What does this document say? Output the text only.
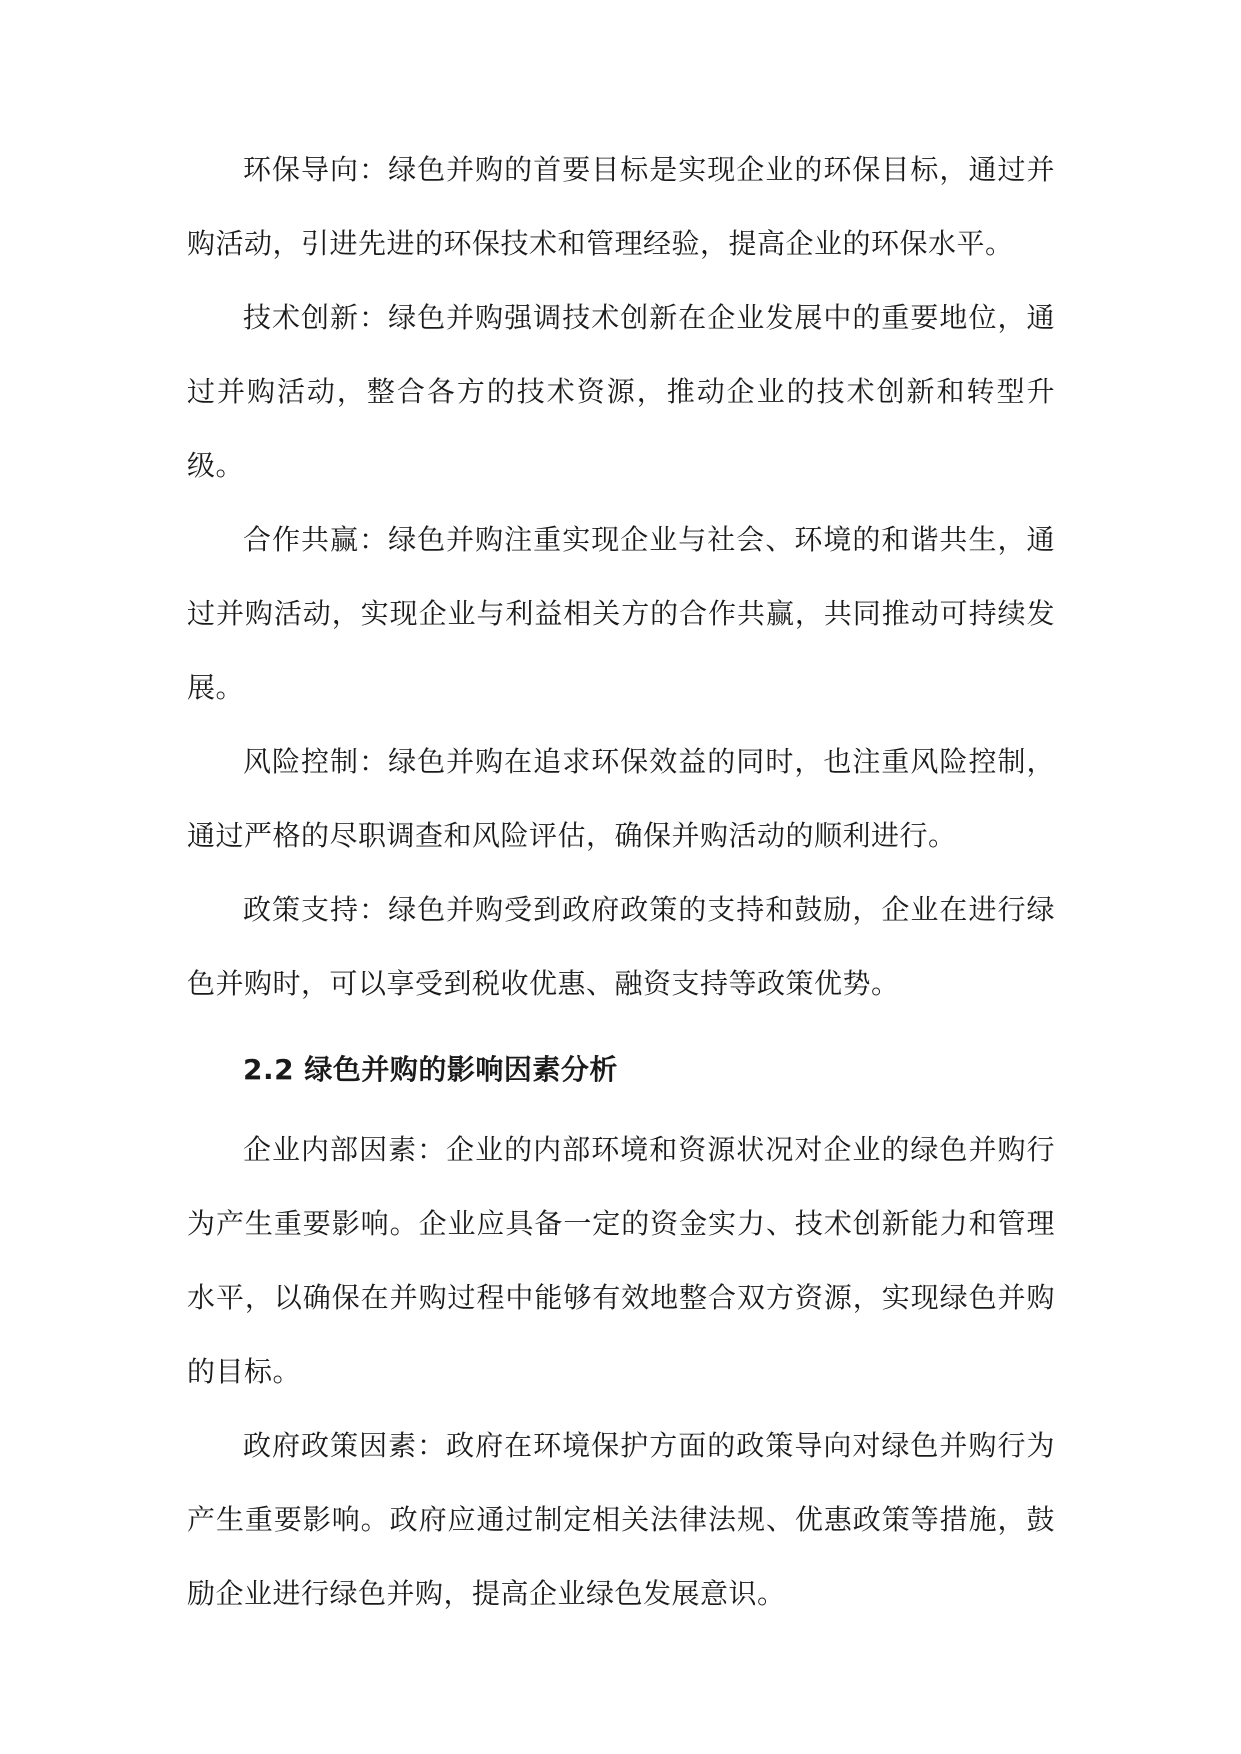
环保导向：绿色并购的首要目标是实现企业的环保目标，通过并购活动，引进先进的环保技术和管理经验，提高企业的环保水平。

技术创新：绿色并购强调技术创新在企业发展中的重要地位，通过并购活动，整合各方的技术资源，推动企业的技术创新和转型升级。

合作共赢：绿色并购注重实现企业与社会、环境的和谐共生，通过并购活动，实现企业与利益相关方的合作共赢，共同推动可持续发展。

风险控制：绿色并购在追求环保效益的同时，也注重风险控制，通过严格的尽职调查和风险评估，确保并购活动的顺利进行。

政策支持：绿色并购受到政府政策的支持和鼓励，企业在进行绿色并购时，可以享受到税收优惠、融资支持等政策优势。

2.2 绿色并购的影响因素分析

企业内部因素：企业的内部环境和资源状况对企业的绿色并购行为产生重要影响。企业应具备一定的资金实力、技术创新能力和管理水平，以确保在并购过程中能够有效地整合双方资源，实现绿色并购的目标。

政府政策因素：政府在环境保护方面的政策导向对绿色并购行为产生重要影响。政府应通过制定相关法律法规、优惠政策等措施，鼓励企业进行绿色并购，提高企业绿色发展意识。
